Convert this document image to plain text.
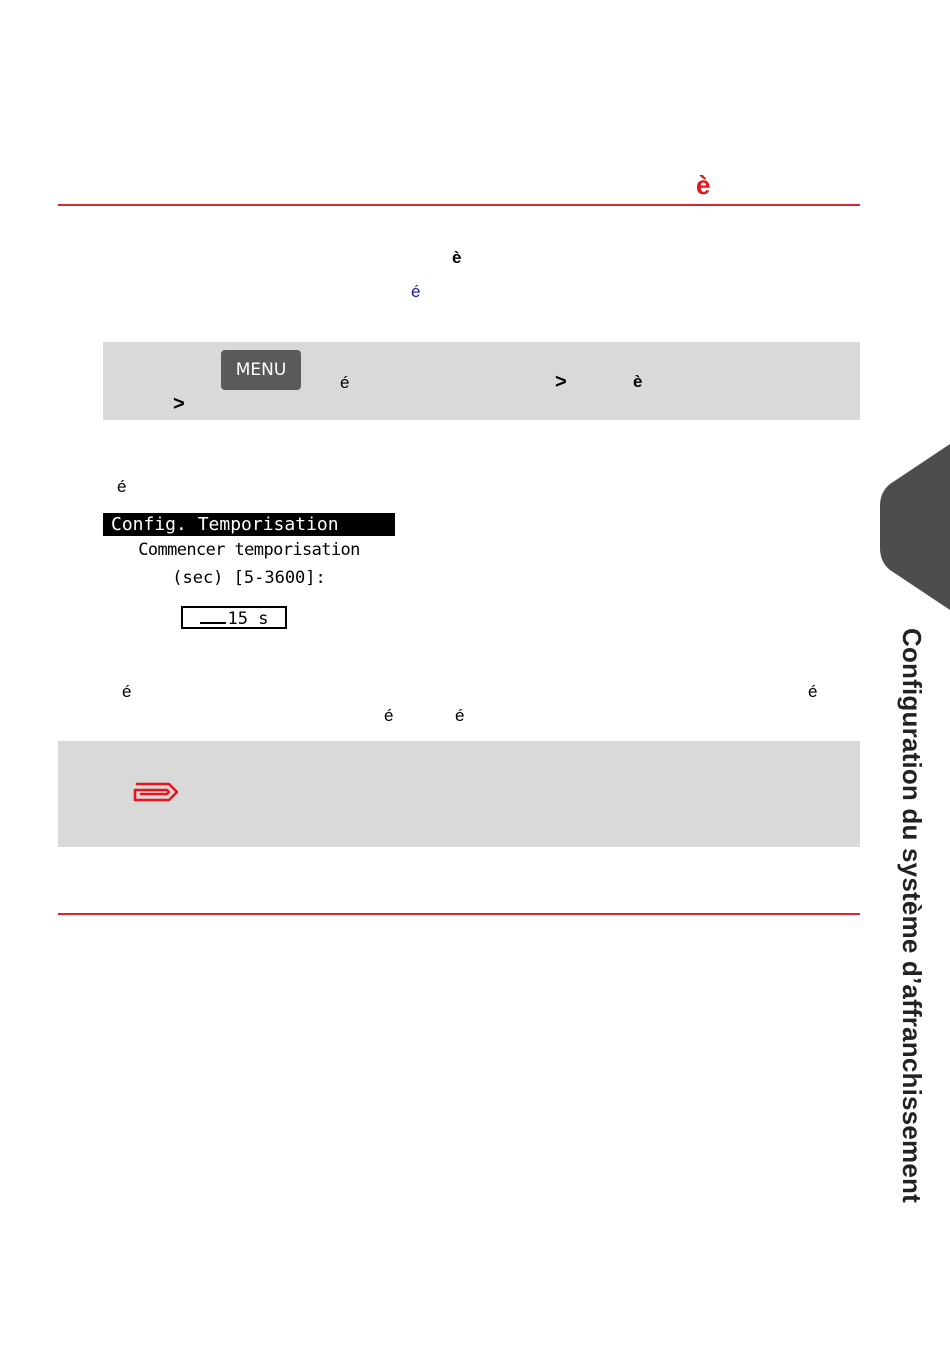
è
è
é
MENU
é	>	è
>
é
Config. Temporisation
Commencer temporisation
(sec) [5-3600]:
15 s
é	é
é	é	Configuration du système d’affranchissement
